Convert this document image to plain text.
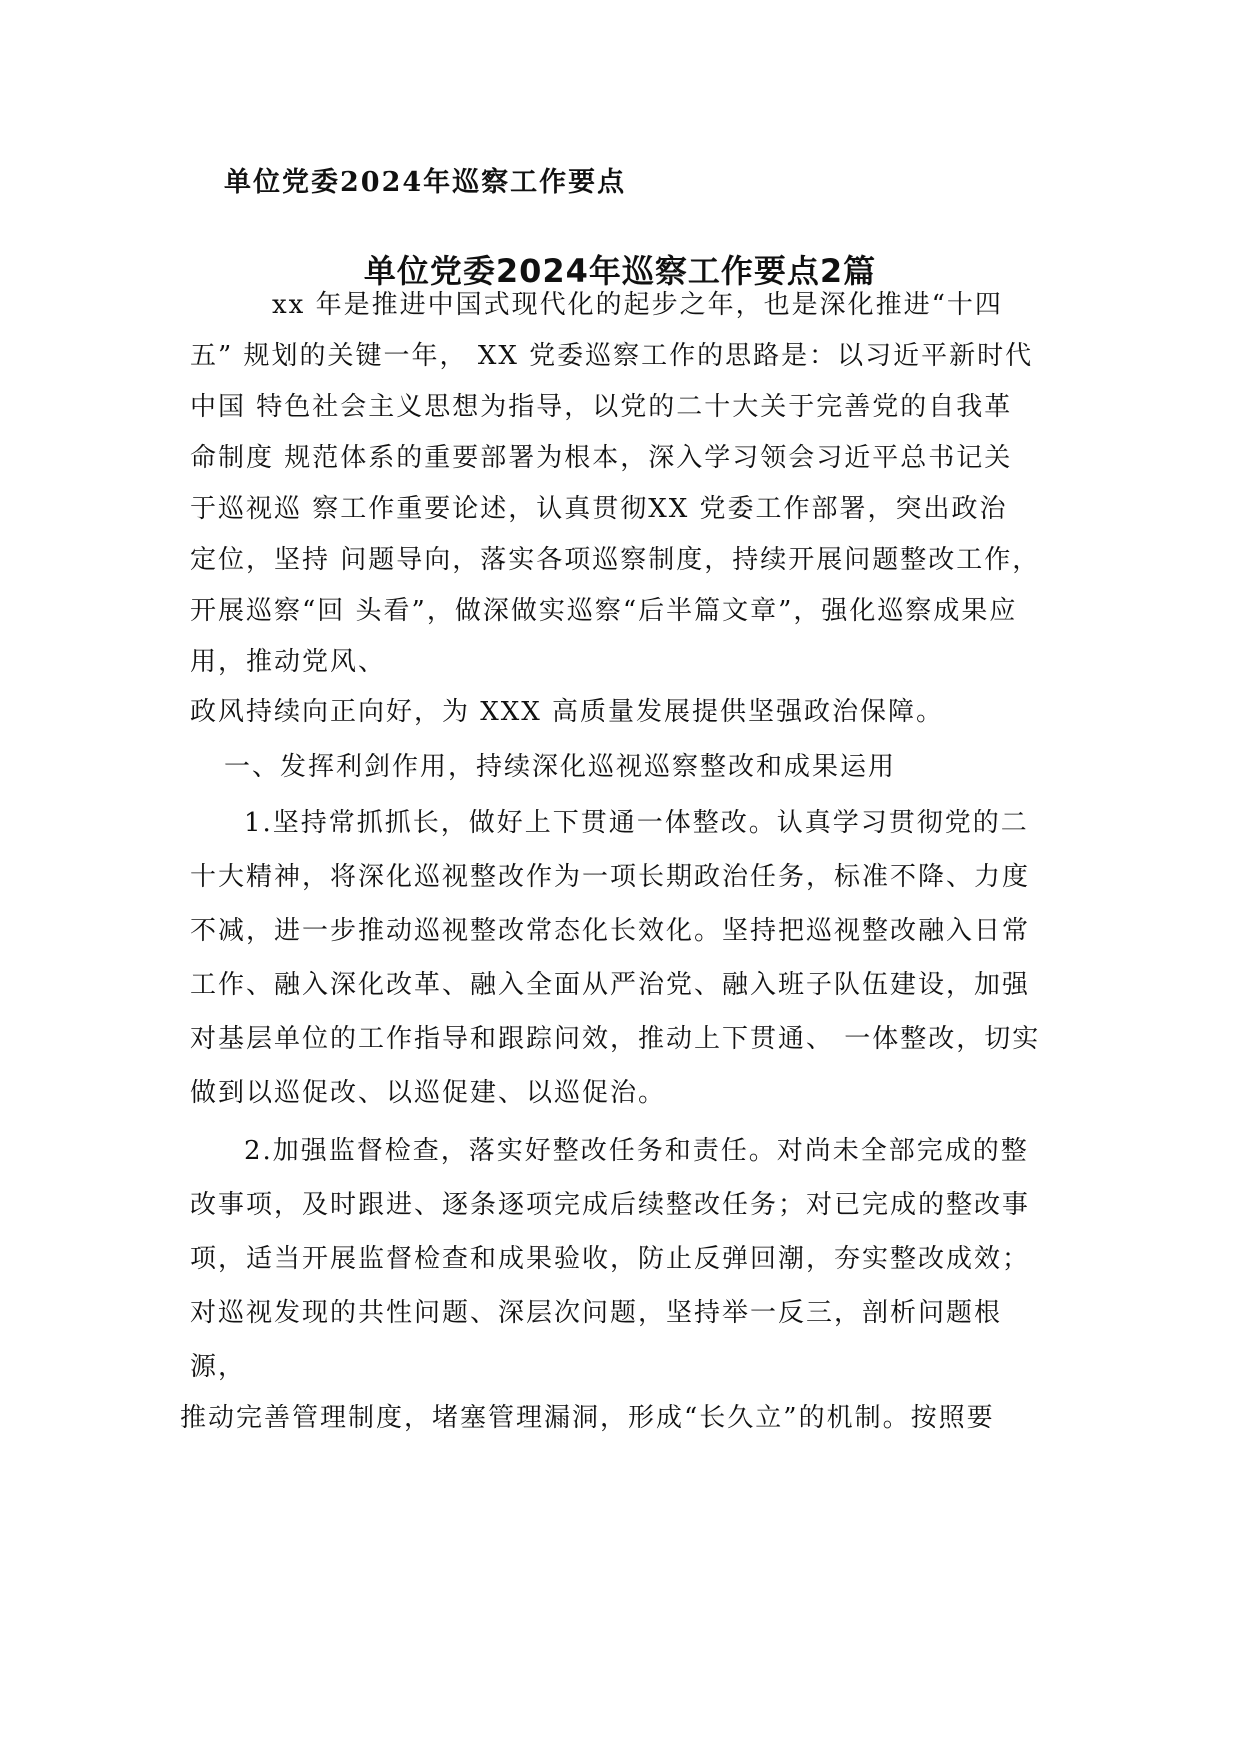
单位党委2024年巡察工作要点
单位党委2024年巡察工作要点2篇
xx 年是推进中国式现代化的起步之年，也是深化推进“十四
五” 规划的关键一年， XX 党委巡察工作的思路是：以习近平新时代
中国 特色社会主义思想为指导，以党的二十大关于完善党的自我革
命制度 规范体系的重要部署为根本，深入学习领会习近平总书记关
于巡视巡 察工作重要论述，认真贯彻XX 党委工作部署，突出政治
定位，坚持 问题导向，落实各项巡察制度，持续开展问题整改工作，
开展巡察“回 头看”，做深做实巡察“后半篇文章”，强化巡察成果应
用，推动党风、
政风持续向正向好，为 XXX 高质量发展提供坚强政治保障。
一、发挥利剑作用，持续深化巡视巡察整改和成果运用
1.坚持常抓抓长，做好上下贯通一体整改。认真学习贯彻党的二
十大精神，将深化巡视整改作为一项长期政治任务，标准不降、力度
不减，进一步推动巡视整改常态化长效化。坚持把巡视整改融入日常
工作、融入深化改革、融入全面从严治党、融入班子队伍建设，加强
对基层单位的工作指导和跟踪问效，推动上下贯通、 一体整改，切实
做到以巡促改、以巡促建、以巡促治。
2.加强监督检查，落实好整改任务和责任。对尚未全部完成的整
改事项，及时跟进、逐条逐项完成后续整改任务；对已完成的整改事
项，适当开展监督检查和成果验收，防止反弹回潮，夯实整改成效；
对巡视发现的共性问题、深层次问题，坚持举一反三，剖析问题根
源，
推动完善管理制度，堵塞管理漏洞，形成“长久立”的机制。按照要
